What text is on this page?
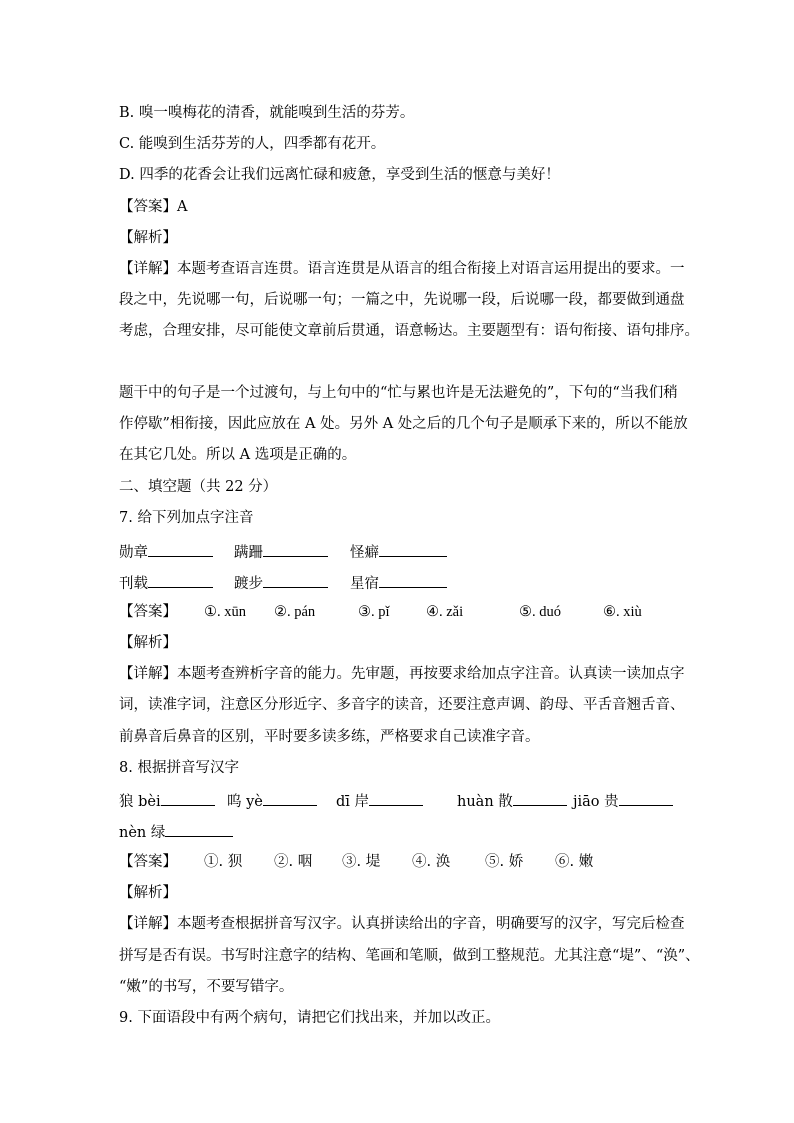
B. 嗅一嗅梅花的清香，就能嗅到生活的芬芳。
C. 能嗅到生活芬芳的人，四季都有花开。
D. 四季的花香会让我们远离忙碌和疲惫，享受到生活的惬意与美好！
【答案】A
【解析】
【详解】本题考查语言连贯。语言连贯是从语言的组合衔接上对语言运用提出的要求。一
段之中，先说哪一句，后说哪一句；一篇之中，先说哪一段，后说哪一段，都要做到通盘
考虑，合理安排，尽可能使文章前后贯通，语意畅达。主要题型有：语句衔接、语句排序。
题干中的句子是一个过渡句，与上句中的“忙与累也许是无法避免的”，下句的“当我们稍
作停歇”相衔接，因此应放在 A 处。另外 A 处之后的几个句子是顺承下来的，所以不能放
在其它几处。所以 A 选项是正确的。
二、填空题（共 22 分）
7. 给下列加点字注音
勋章	蹒跚	怪癖
刊载	踱步	星宿
【答案】 ①. xūn ②. pán	③. pǐ	④. zǎi	⑤. duó	⑥. xiù
【解析】
【详解】本题考查辨析字音的能力。先审题，再按要求给加点字注音。认真读一读加点字
词，读准字词，注意区分形近字、多音字的读音，还要注意声调、韵母、平舌音翘舌音、
前鼻音后鼻音的区别，平时要多读多练，严格要求自己读准字音。
8. 根据拼音写汉字
狼 bèi	呜 yè	dī 岸	huàn 散	jiāo 贵
nèn 绿
【答案】 ①. 狈 ②. 咽 ③. 堤 ④. 涣 ⑤. 娇 ⑥. 嫩
【解析】
【详解】本题考查根据拼音写汉字。认真拼读给出的字音，明确要写的汉字，写完后检查
拼写是否有误。书写时注意字的结构、笔画和笔顺，做到工整规范。尤其注意“堤”、“涣”、
“嫩”的书写，不要写错字。
9. 下面语段中有两个病句，请把它们找出来，并加以改正。
